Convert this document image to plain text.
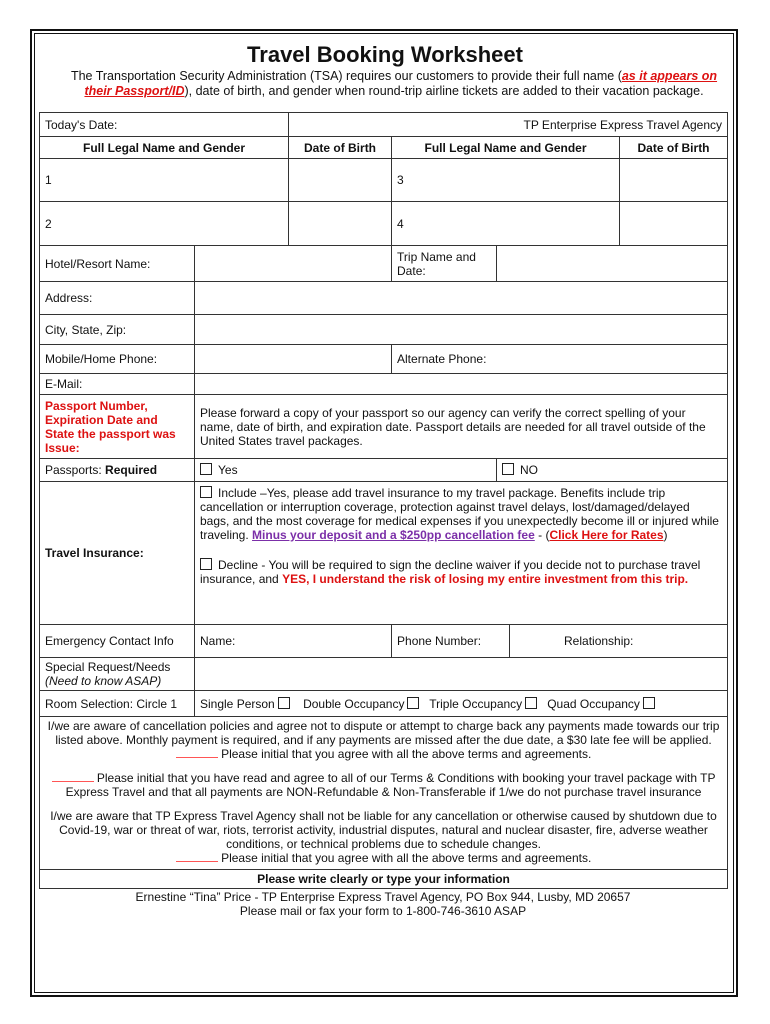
Travel Booking Worksheet
The Transportation Security Administration (TSA) requires our customers to provide their full name (as it appears on their Passport/ID), date of birth, and gender when round-trip airline tickets are added to their vacation package.
Today's Date:		TP Enterprise Express Travel Agency				
Full Legal Name and Gender		Date of Birth	Full Legal Name and Gender			Date of Birth
1			3			
2			4			
Hotel/Resort Name:			Trip Name and Date:			
Address:						
City, State, Zip:						
Mobile/Home Phone:			Alternate Phone:			
E-Mail:						
Passport Number, Expiration Date and State the passport was Issue:	Please forward a copy of your passport so our agency can verify the correct spelling of your name, date of birth, and expiration date. Passport details are needed for all travel outside of the United States travel packages.					
Passports: Required	Yes			NO		
Travel Insurance:	Include –Yes, please add travel insurance to my travel package. Benefits include trip cancellation or interruption coverage, protection against travel delays, lost/damaged/delayed bags, and the most coverage for medical expenses if you unexpectedly become ill or injured while traveling. Minus your deposit and a $250pp cancellation fee - (Click Here for Rates)
Decline - You will be required to sign the decline waiver if you decide not to purchase travel insurance, and YES, I understand the risk of losing my entire investment from this trip.					

Emergency Contact Info	Name:		Phone Number:		Relationship:	

Special Request/Needs
(Need to know ASAP)						

Room Selection: Circle 1	Single Person Double Occupancy Triple Occupancy Quad Occupancy					

I/we are aware of cancellation policies and agree not to dispute or attempt to charge back any payments made towards our trip listed above. Monthly payment is required, and if any payments are missed after the due date, a $30 late fee will be applied.
Please initial that you agree with all the above terms and agreements.

Please initial that you have read and agree to all of our Terms & Conditions with booking your travel package with TP Express Travel and that all payments are NON-Refundable & Non-Transferable if 1/we do not purchase travel insurance

I/we are aware that TP Express Travel Agency shall not be liable for any cancellation or otherwise caused by shutdown due to Covid-19, war or threat of war, riots, terrorist activity, industrial disputes, natural and nuclear disaster, fire, adverse weather conditions, or technical problems due to schedule changes.
Please initial that you agree with all the above terms and agreements.						

Please write clearly or type your information						
Ernestine “Tina” Price - TP Enterprise Express Travel Agency, PO Box 944, Lusby, MD 20657
Please mail or fax your form to 1-800-746-3610 ASAP
